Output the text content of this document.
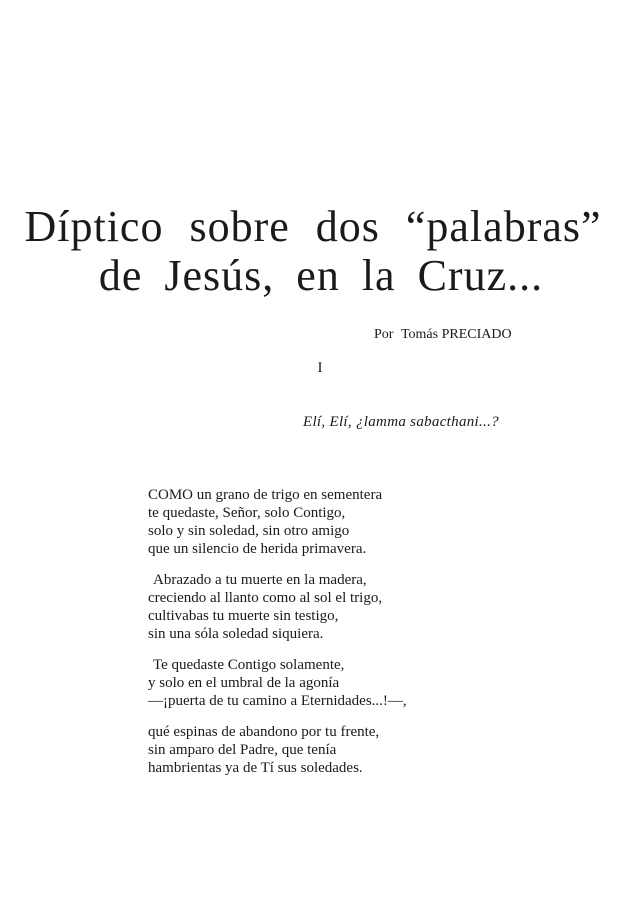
Díptico sobre dos “palabras”
de Jesús, en la Cruz...
Por Tomás PRECIADO
I
Elí, Elí, ¿lamma sabacthani...?
COMO un grano de trigo en sementera
te quedaste, Señor, solo Contigo,
solo y sin soledad, sin otro amigo
que un silencio de herida primavera.
Abrazado a tu muerte en la madera,
creciendo al llanto como al sol el trigo,
cultivabas tu muerte sin testigo,
sin una sóla soledad siquiera.
Te quedaste Contigo solamente,
y solo en el umbral de la agonía
—¡puerta de tu camino a Eternidades...!—,
qué espinas de abandono por tu frente,
sin amparo del Padre, que tenía
hambrientas ya de Tí sus soledades.
